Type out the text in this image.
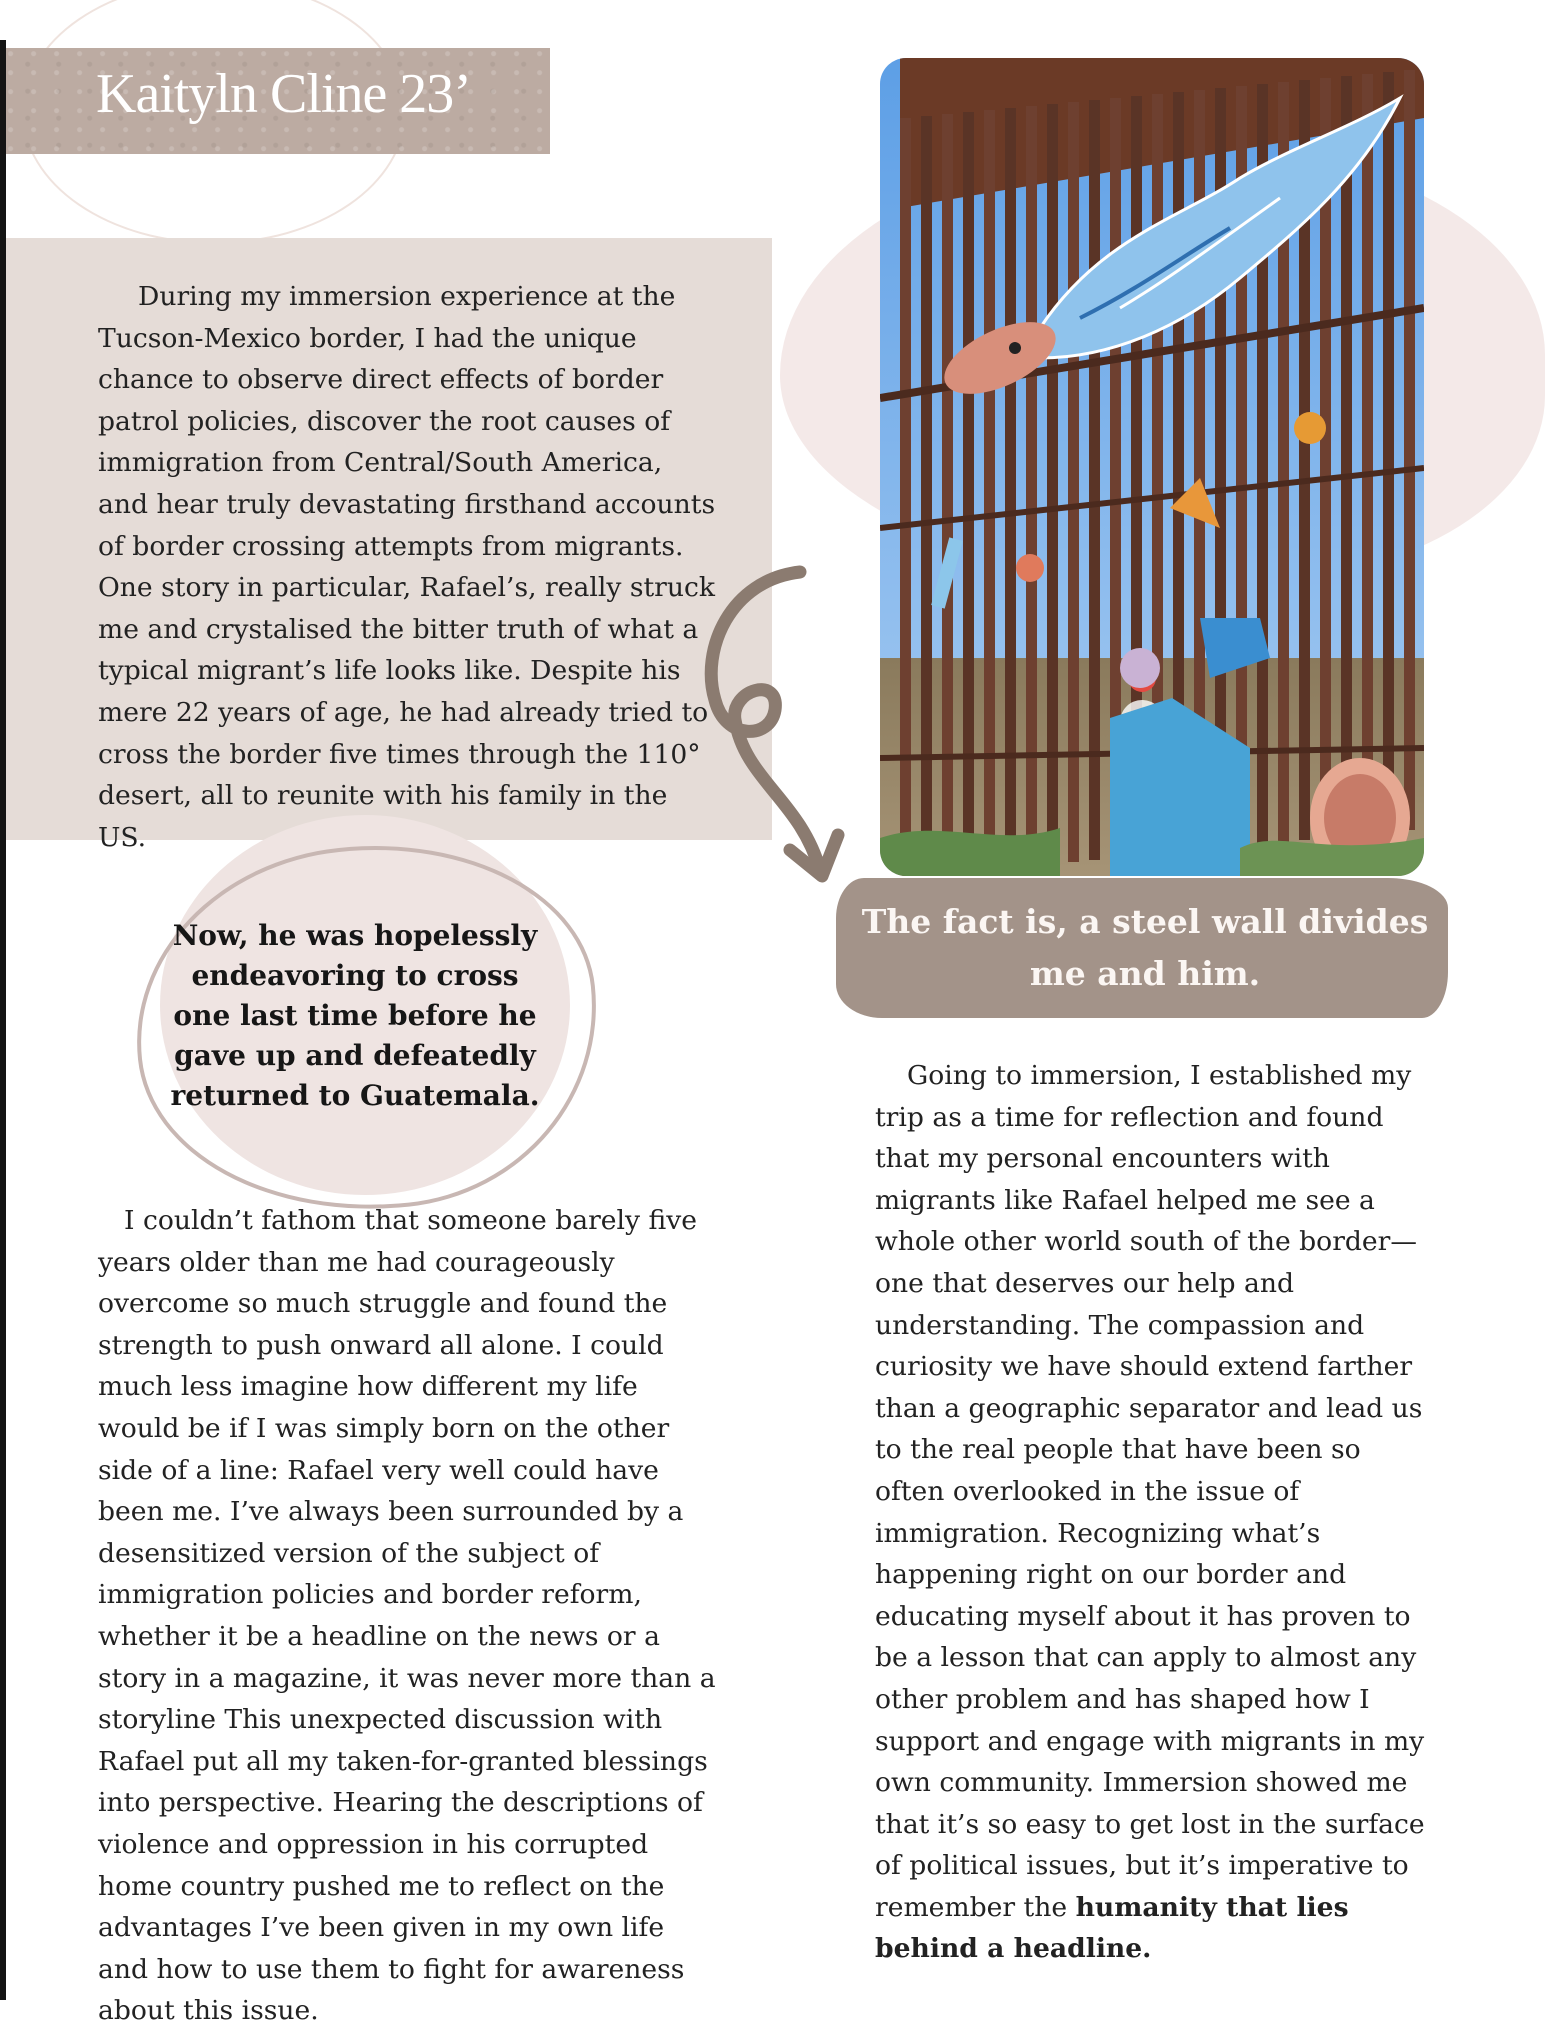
Kaityln Cline 23’
During my immersion experience at the Tucson-Mexico border, I had the unique chance to observe direct effects of border patrol policies, discover the root causes of immigration from Central/South America, and hear truly devastating firsthand accounts of border crossing attempts from migrants. One story in particular, Rafael’s, really struck me and crystalised the bitter truth of what a typical migrant’s life looks like. Despite his mere 22 years of age, he had already tried to cross the border five times through the 110° desert, all to reunite with his family in the US.
The fact is, a steel wall divides me and him.
Now, he was hopelessly endeavoring to cross one last time before he gave up and defeatedly returned to Guatemala.
I couldn’t fathom that someone barely five years older than me had courageously overcome so much struggle and found the strength to push onward all alone. I could much less imagine how different my life would be if I was simply born on the other side of a line: Rafael very well could have been me. I’ve always been surrounded by a desensitized version of the subject of immigration policies and border reform, whether it be a headline on the news or a story in a magazine, it was never more than a storyline This unexpected discussion with Rafael put all my taken-for-granted blessings into perspective. Hearing the descriptions of violence and oppression in his corrupted home country pushed me to reflect on the advantages I’ve been given in my own life and how to use them to fight for awareness about this issue.
Going to immersion, I established my trip as a time for reflection and found that my personal encounters with migrants like Rafael helped me see a whole other world south of the border—one that deserves our help and understanding. The compassion and curiosity we have should extend farther than a geographic separator and lead us to the real people that have been so often overlooked in the issue of immigration. Recognizing what’s happening right on our border and educating myself about it has proven to be a lesson that can apply to almost any other problem and has shaped how I support and engage with migrants in my own community. Immersion showed me that it’s so easy to get lost in the surface of political issues, but it’s imperative to remember the humanity that lies behind a headline.
